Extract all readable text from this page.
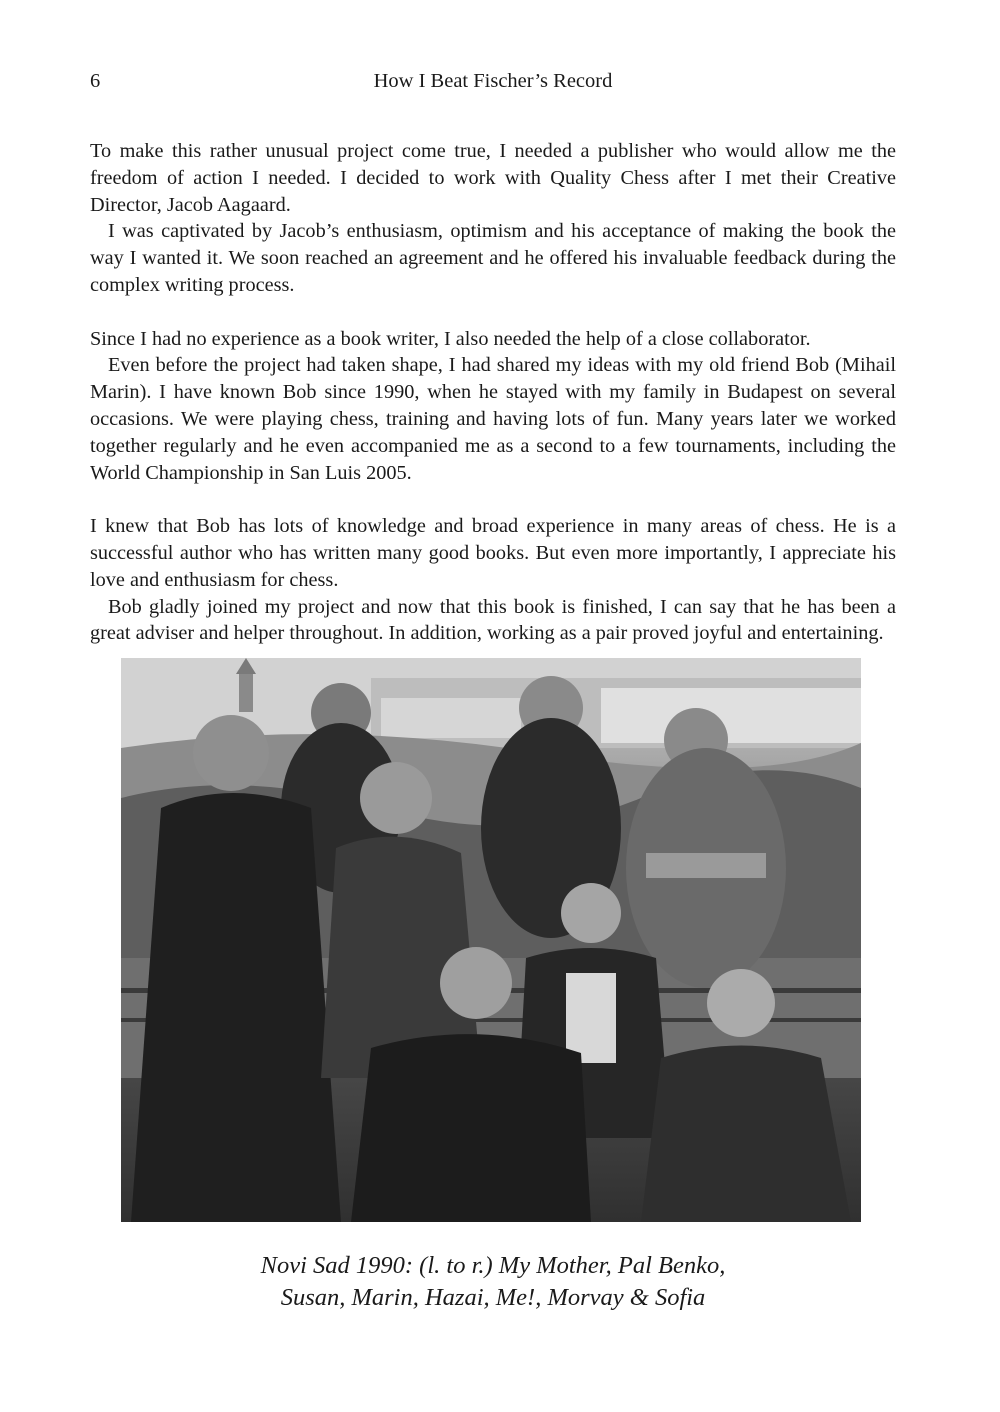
6	How I Beat Fischer’s Record

To make this rather unusual project come true, I needed a publisher who would allow me the freedom of action I needed. I decided to work with Quality Chess after I met their Creative Director, Jacob Aagaard.

I was captivated by Jacob’s enthusiasm, optimism and his acceptance of making the book the way I wanted it. We soon reached an agreement and he offered his invaluable feedback during the complex writing process.

Since I had no experience as a book writer, I also needed the help of a close collaborator.

Even before the project had taken shape, I had shared my ideas with my old friend Bob (Mihail Marin). I have known Bob since 1990, when he stayed with my family in Budapest on several occasions. We were playing chess, training and having lots of fun. Many years later we worked together regularly and he even accompanied me as a second to a few tournaments, including the World Championship in San Luis 2005.

I knew that Bob has lots of knowledge and broad experience in many areas of chess. He is a successful author who has written many good books. But even more importantly, I appreciate his love and enthusiasm for chess.

Bob gladly joined my project and now that this book is finished, I can say that he has been a great adviser and helper throughout. In addition, working as a pair proved joyful and entertaining.

Novi Sad 1990: (l. to r.) My Mother, Pal Benko,
Susan, Marin, Hazai, Me!, Morvay & Sofia
